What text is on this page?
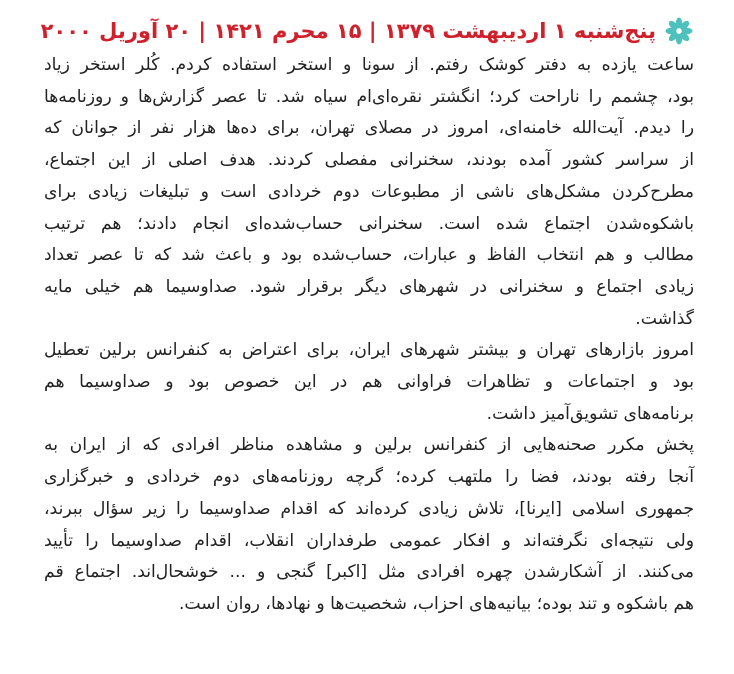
پنج‌شنبه ۱ اردیبهشت ۱۳۷۹ | ۱۵ محرم ۱۴۲۱ | ۲۰ آوریل ۲۰۰۰

ساعت یازده به دفتر کوشک رفتم. از سونا و استخر استفاده کردم. کُلر استخر زیاد
بود، چشمم را ناراحت کرد؛ انگشتر نقره‌ای‌ام سیاه شد. تا عصر گزارش‌ها و روزنامه‌ها
را دیدم. آیت‌الله خامنه‌ای، امروز در مصلای تهران، برای ده‌ها هزار نفر از جوانان که
از سراسر کشور آمده بودند، سخنرانی مفصلی کردند. هدف اصلی از این اجتماع،
مطرح‌کردن مشکل‌های ناشی از مطبوعات دوم خردادی است و تبلیغات زیادی برای
باشکوه‌شدن اجتماع شده است. سخنرانی حساب‌شده‌ای انجام دادند؛ هم ترتیب
مطالب و هم انتخاب الفاظ و عبارات، حساب‌شده بود و باعث شد که تا عصر تعداد
زیادی اجتماع و سخنرانی در شهرهای دیگر برقرار شود. صداوسیما هم خیلی مایه
گذاشت.

امروز بازارهای تهران و بیشتر شهرهای ایران، برای اعتراض به کنفرانس برلین تعطیل
بود و اجتماعات و تظاهرات فراوانی هم در این خصوص بود و صداوسیما هم
برنامه‌های تشویق‌آمیز داشت.

پخش مکرر صحنه‌هایی از کنفرانس برلین و مشاهده مناظر افرادی که از ایران به
آنجا رفته بودند، فضا را ملتهب کرده؛ گرچه روزنامه‌های دوم خردادی و خبرگزاری
جمهوری اسلامی [ایرنا]، تلاش زیادی کرده‌اند که اقدام صداوسیما را زیر سؤال ببرند،
ولی نتیجه‌ای نگرفته‌اند و افکار عمومی طرفداران انقلاب، اقدام صداوسیما را تأیید
می‌کنند. از آشکارشدن چهره افرادی مثل [اکبر] گنجی و ... خوشحال‌اند. اجتماع قم
هم باشکوه و تند بوده؛ بیانیه‌های احزاب، شخصیت‌ها و نهادها، روان است.
